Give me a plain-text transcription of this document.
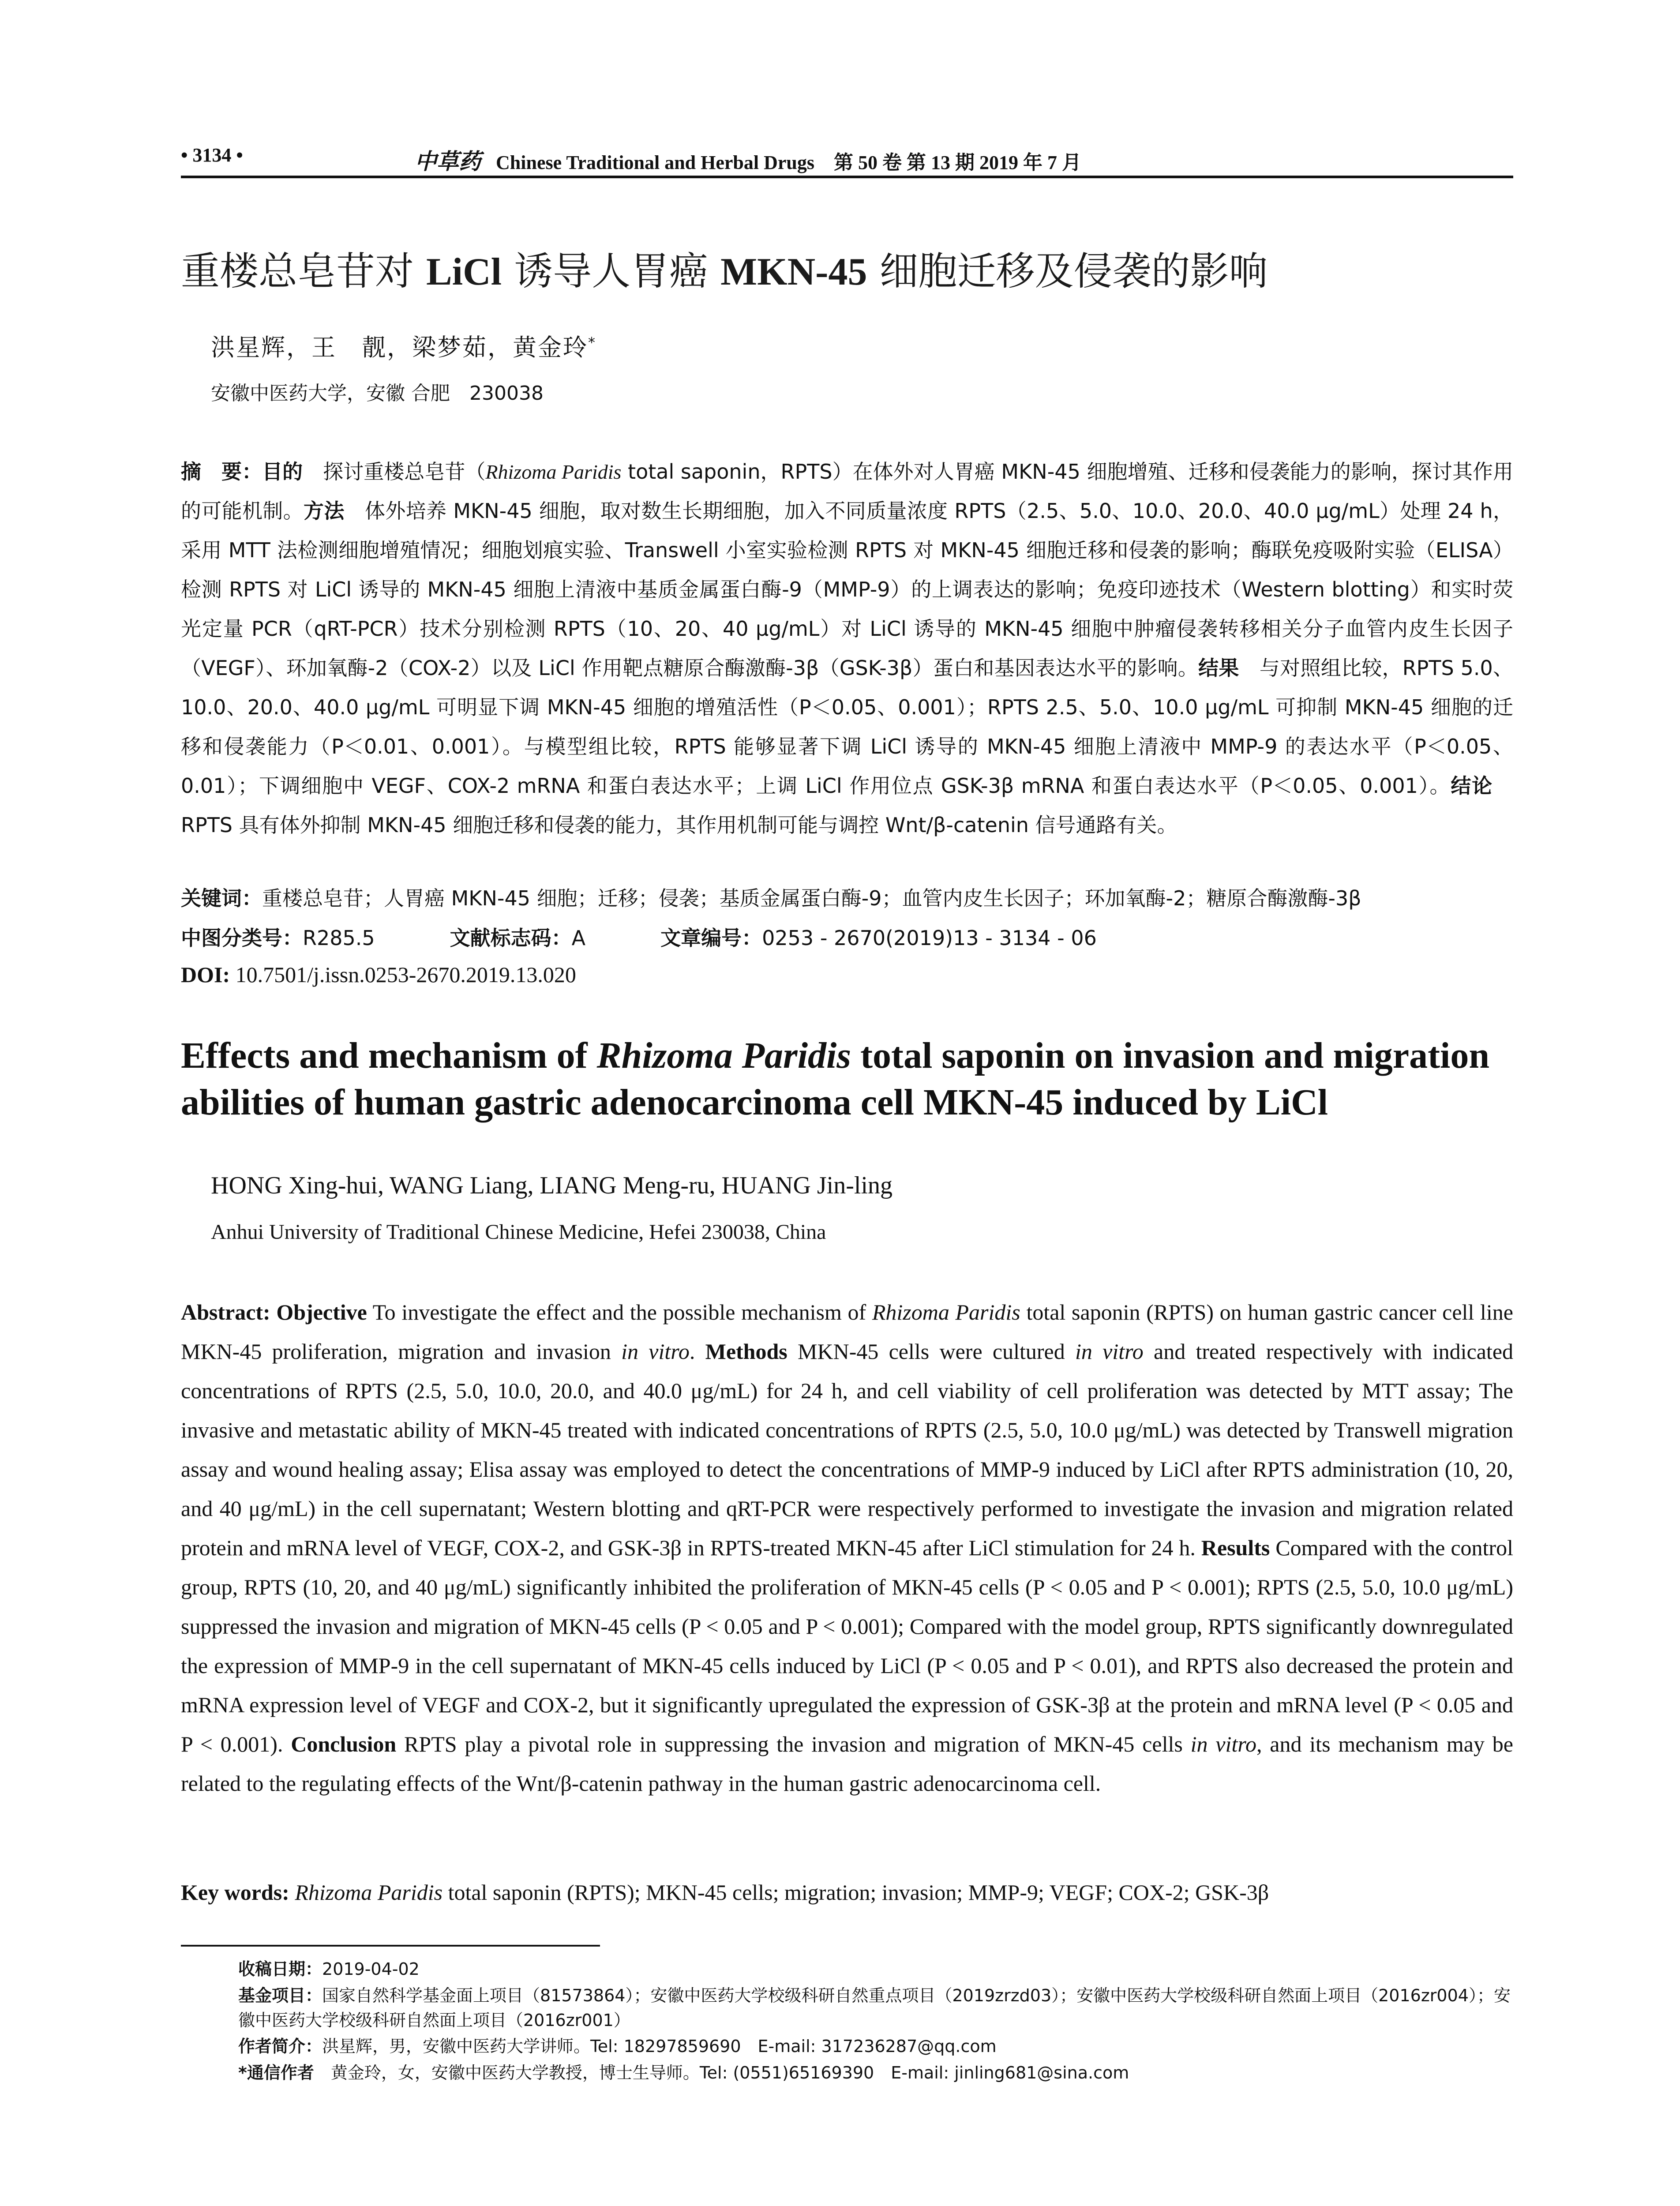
• 3134 •	中草药 Chinese Traditional and Herbal Drugs　 第 50 卷 第 13 期 2019 年 7 月
重楼总皂苷对 LiCl 诱导人胃癌 MKN-45 细胞迁移及侵袭的影响
洪星辉，王　靓，梁梦茹，黄金玲*
安徽中医药大学，安徽 合肥　230038
摘　要：目的　探讨重楼总皂苷（Rhizoma Paridis total saponin，RPTS）在体外对人胃癌 MKN-45 细胞增殖、迁移和侵袭能力的影响，探讨其作用的可能机制。方法　体外培养 MKN-45 细胞，取对数生长期细胞，加入不同质量浓度 RPTS（2.5、5.0、10.0、20.0、40.0 μg/mL）处理 24 h，采用 MTT 法检测细胞增殖情况；细胞划痕实验、Transwell 小室实验检测 RPTS 对 MKN-45 细胞迁移和侵袭的影响；酶联免疫吸附实验（ELISA）检测 RPTS 对 LiCl 诱导的 MKN-45 细胞上清液中基质金属蛋白酶-9（MMP-9）的上调表达的影响；免疫印迹技术（Western blotting）和实时荧光定量 PCR（qRT-PCR）技术分别检测 RPTS（10、20、40 μg/mL）对 LiCl 诱导的 MKN-45 细胞中肿瘤侵袭转移相关分子血管内皮生长因子（VEGF）、环加氧酶-2（COX-2）以及 LiCl 作用靶点糖原合酶激酶-3β（GSK-3β）蛋白和基因表达水平的影响。结果　与对照组比较，RPTS 5.0、10.0、20.0、40.0 μg/mL 可明显下调 MKN-45 细胞的增殖活性（P＜0.05、0.001）；RPTS 2.5、5.0、10.0 μg/mL 可抑制 MKN-45 细胞的迁移和侵袭能力（P＜0.01、0.001）。与模型组比较，RPTS 能够显著下调 LiCl 诱导的 MKN-45 细胞上清液中 MMP-9 的表达水平（P＜0.05、0.01）；下调细胞中 VEGF、COX-2 mRNA 和蛋白表达水平；上调 LiCl 作用位点 GSK-3β mRNA 和蛋白表达水平（P＜0.05、0.001）。结论　RPTS 具有体外抑制 MKN-45 细胞迁移和侵袭的能力，其作用机制可能与调控 Wnt/β-catenin 信号通路有关。
关键词：重楼总皂苷；人胃癌 MKN-45 细胞；迁移；侵袭；基质金属蛋白酶-9；血管内皮生长因子；环加氧酶-2；糖原合酶激酶-3β
中图分类号：R285.5	文献标志码：A	文章编号：0253 - 2670(2019)13 - 3134 - 06
DOI: 10.7501/j.issn.0253-2670.2019.13.020
Effects and mechanism of Rhizoma Paridis total saponin on invasion and migration abilities of human gastric adenocarcinoma cell MKN-45 induced by LiCl
HONG Xing-hui, WANG Liang, LIANG Meng-ru, HUANG Jin-ling
Anhui University of Traditional Chinese Medicine, Hefei 230038, China
Abstract: Objective To investigate the effect and the possible mechanism of Rhizoma Paridis total saponin (RPTS) on human gastric cancer cell line MKN-45 proliferation, migration and invasion in vitro. Methods MKN-45 cells were cultured in vitro and treated respectively with indicated concentrations of RPTS (2.5, 5.0, 10.0, 20.0, and 40.0 μg/mL) for 24 h, and cell viability of cell proliferation was detected by MTT assay; The invasive and metastatic ability of MKN-45 treated with indicated concentrations of RPTS (2.5, 5.0, 10.0 μg/mL) was detected by Transwell migration assay and wound healing assay; Elisa assay was employed to detect the concentrations of MMP-9 induced by LiCl after RPTS administration (10, 20, and 40 μg/mL) in the cell supernatant; Western blotting and qRT-PCR were respectively performed to investigate the invasion and migration related protein and mRNA level of VEGF, COX-2, and GSK-3β in RPTS-treated MKN-45 after LiCl stimulation for 24 h. Results Compared with the control group, RPTS (10, 20, and 40 μg/mL) significantly inhibited the proliferation of MKN-45 cells (P < 0.05 and P < 0.001); RPTS (2.5, 5.0, 10.0 μg/mL) suppressed the invasion and migration of MKN-45 cells (P < 0.05 and P < 0.001); Compared with the model group, RPTS significantly downregulated the expression of MMP-9 in the cell supernatant of MKN-45 cells induced by LiCl (P < 0.05 and P < 0.01), and RPTS also decreased the protein and mRNA expression level of VEGF and COX-2, but it significantly upregulated the expression of GSK-3β at the protein and mRNA level (P < 0.05 and P < 0.001). Conclusion RPTS play a pivotal role in suppressing the invasion and migration of MKN-45 cells in vitro, and its mechanism may be related to the regulating effects of the Wnt/β-catenin pathway in the human gastric adenocarcinoma cell.
Key words: Rhizoma Paridis total saponin (RPTS); MKN-45 cells; migration; invasion; MMP-9; VEGF; COX-2; GSK-3β
收稿日期：2019-04-02
基金项目：国家自然科学基金面上项目（81573864）；安徽中医药大学校级科研自然重点项目（2019zrzd03）；安徽中医药大学校级科研自然面上项目（2016zr004）；安徽中医药大学校级科研自然面上项目（2016zr001）
作者简介：洪星辉，男，安徽中医药大学讲师。Tel: 18297859690　E-mail: 317236287@qq.com
*通信作者　黄金玲，女，安徽中医药大学教授，博士生导师。Tel: (0551)65169390　E-mail: jinling681@sina.com
